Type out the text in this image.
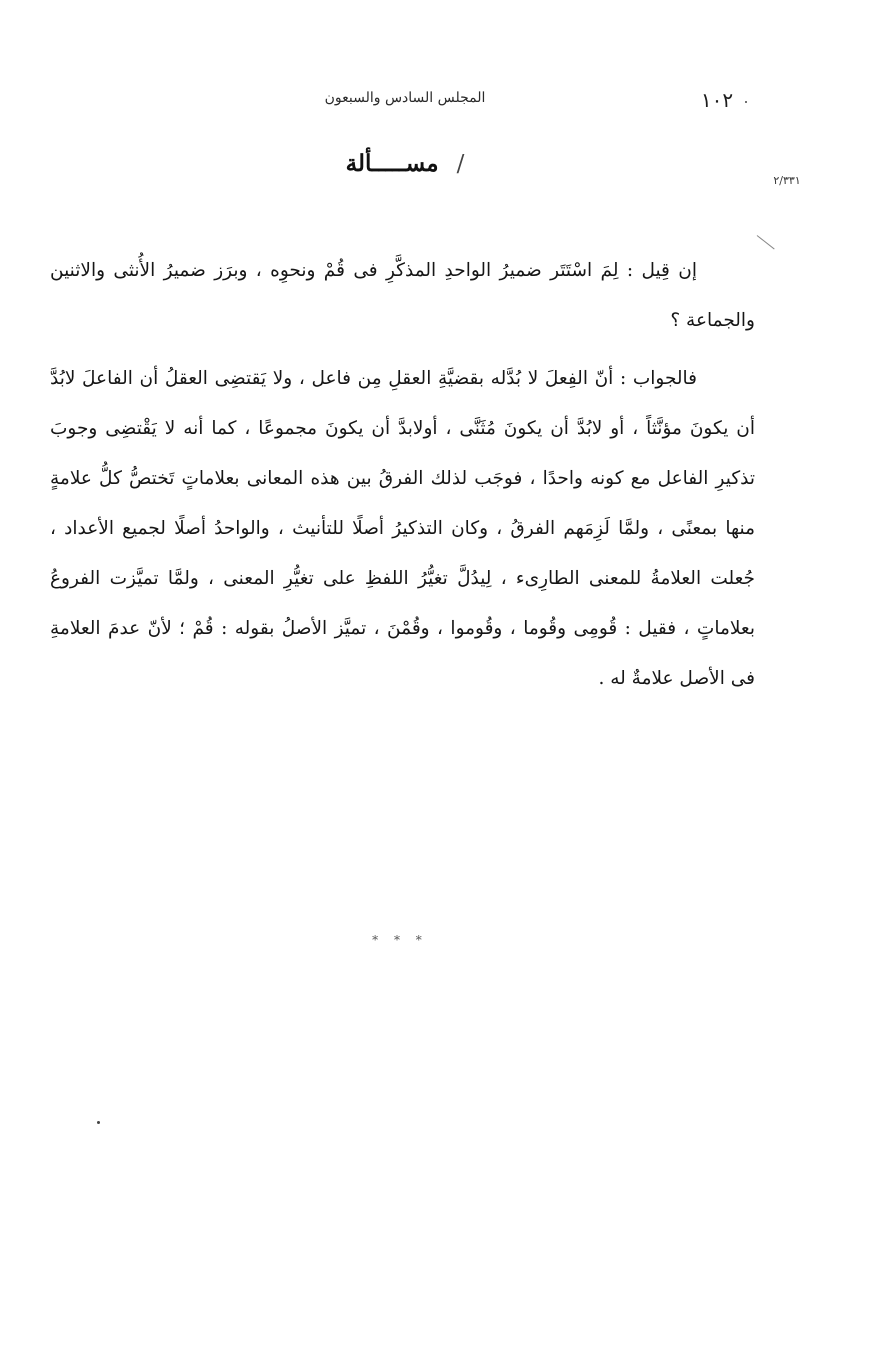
١٠٢
المجلس السادس والسبعون
٢/٣٣١
/ مســـــألة

إن قِيل : لِمَ اسْتَتَر ضميرُ الواحدِ المذكَّرِ فى قُمْ ونحوِه ، وبرَز ضميرُ الأُنثى والاثنين والجماعة ؟

فالجواب : أنّ الفِعلَ لا بُدَّله بقضيَّةِ العقلِ مِن فاعل ، ولا يَقتضِى العقلُ أن الفاعلَ لابُدَّ أن يكونَ مؤنَّثاً ، أو لابُدَّ أن يكونَ مُثَنَّى ، أولابدَّ أن يكونَ مجموعًا ، كما أنه لا يَقْتضِى وجوبَ تذكيرِ الفاعل مع كونه واحدًا ، فوجَب لذلك الفرقُ بين هذه المعانى بعلاماتٍ تَختصُّ كلُّ علامةٍ منها بمعنًى ، ولمَّا لَزِمَهم الفرقُ ، وكان التذكيرُ أصلًا للتأنيث ، والواحدُ أصلًا لجميع الأعداد ، جُعلت العلامةُ للمعنى الطارِىء ، لِيدُلَّ تغيُّرُ اللفظِ على تغيُّرِ المعنى ، ولمَّا تميَّزت الفروعُ بعلاماتٍ ، فقيل : قُومِى وقُوما ، وقُوموا ، وقُمْنَ ، تميَّز الأصلُ بقوله : قُمْ ؛ لأنّ عدمَ العلامةِ فى الأصل علامةٌ له .

* * *
